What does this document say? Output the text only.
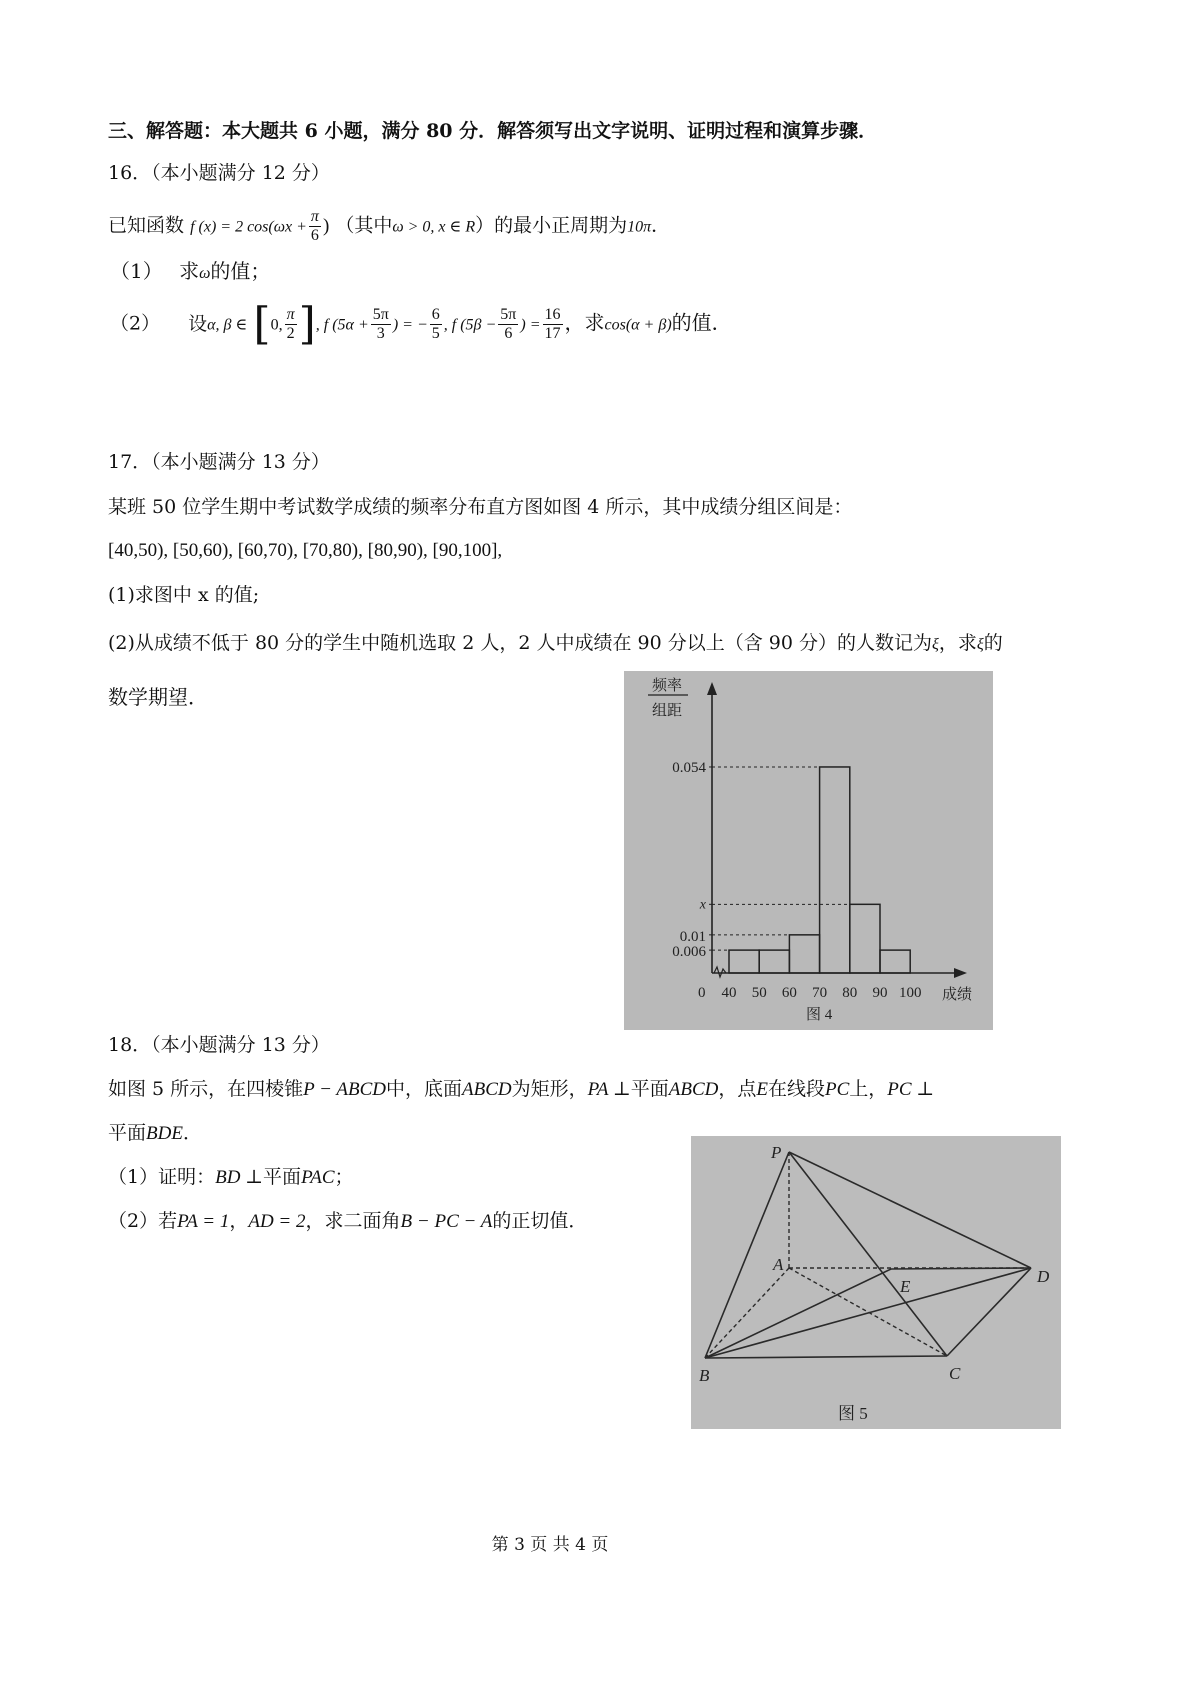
三、解答题：本大题共 6 小题，满分 80 分．解答须写出文字说明、证明过程和演算步骤．
16．（本小题满分 12 分）
已知函数 f (x) = 2 $\cos(\omega x + \frac{\pi}{6}$ ) （其中ω > 0, x ∈ R）的最小正周期为10π．
（1） 求ω的值；
（2） 设α, β ∈ [0, $\frac{\pi}{2}$ ], f ($5\alpha + \frac{5\pi}{3}$ ) = − $\frac{6}{5}$ , f ($5\beta - \frac{5\pi}{6}$ ) = $\frac{16}{17}$ ，求cos(α + β)的值．
17．（本小题满分 13 分）
某班 50 位学生期中考试数学成绩的频率分布直方图如图 4 所示，其中成绩分组区间是：
[40,50), [50,60), [60,70), [70,80), [80,90), [90,100],
(1)求图中 x 的值;
(2)从成绩不低于 80 分的学生中随机选取 2 人，2 人中成绩在 90 分以上（含 90 分）的人数记为ξ，求ξ的
数学期望．	频率
组距
0.054
x
0.01
0.006
0 40 50 60 70 80 90 100 成绩
图 4
18．（本小题满分 13 分）
如图 5 所示，在四棱锥P − ABCD中，底面ABCD为矩形，PA ⊥平面ABCD，点E在线段PC上，PC ⊥
平面BDE．
（1）证明：BD ⊥平面PAC；
（2）若PA = 1，AD = 2，求二面角B − PC − A的正切值．
P
A
E
D
B	C
图 5
第 3 页 共 4 页
